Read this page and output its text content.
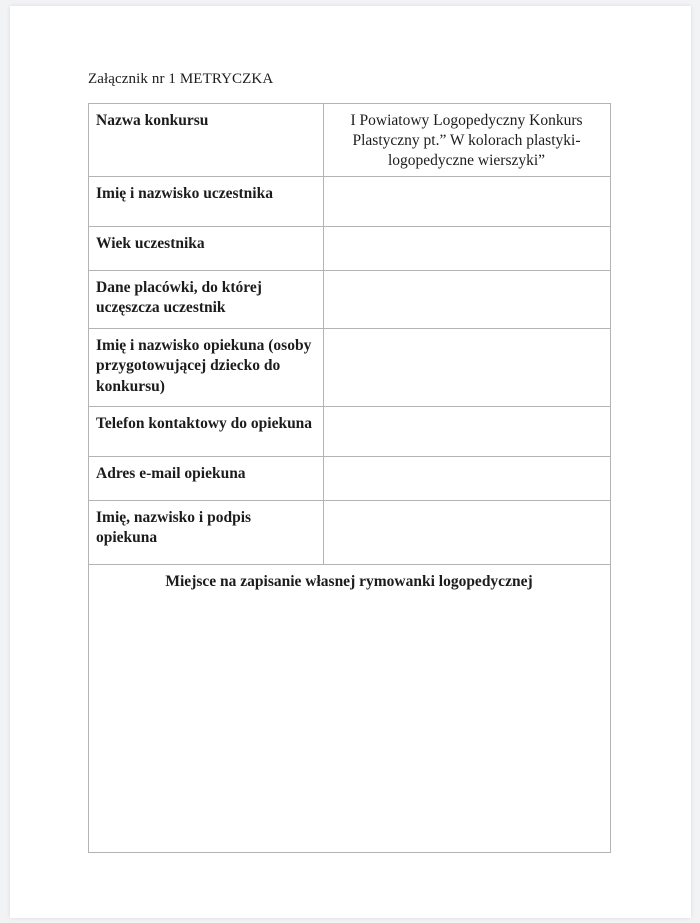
Załącznik nr 1 METRYCZKA

Nazwa konkursu	I Powiatowy Logopedyczny Konkurs Plastyczny pt.” W kolorach plastyki-logopedyczne wierszyki”
Imię i nazwisko uczestnika	
Wiek uczestnika	
Dane placówki, do której uczęszcza uczestnik	
Imię i nazwisko opiekuna (osoby przygotowującej dziecko do konkursu)	
Telefon kontaktowy do opiekuna	
Adres e-mail opiekuna	
Imię, nazwisko i podpis opiekuna	

Miejsce na zapisanie własnej rymowanki logopedycznej	
